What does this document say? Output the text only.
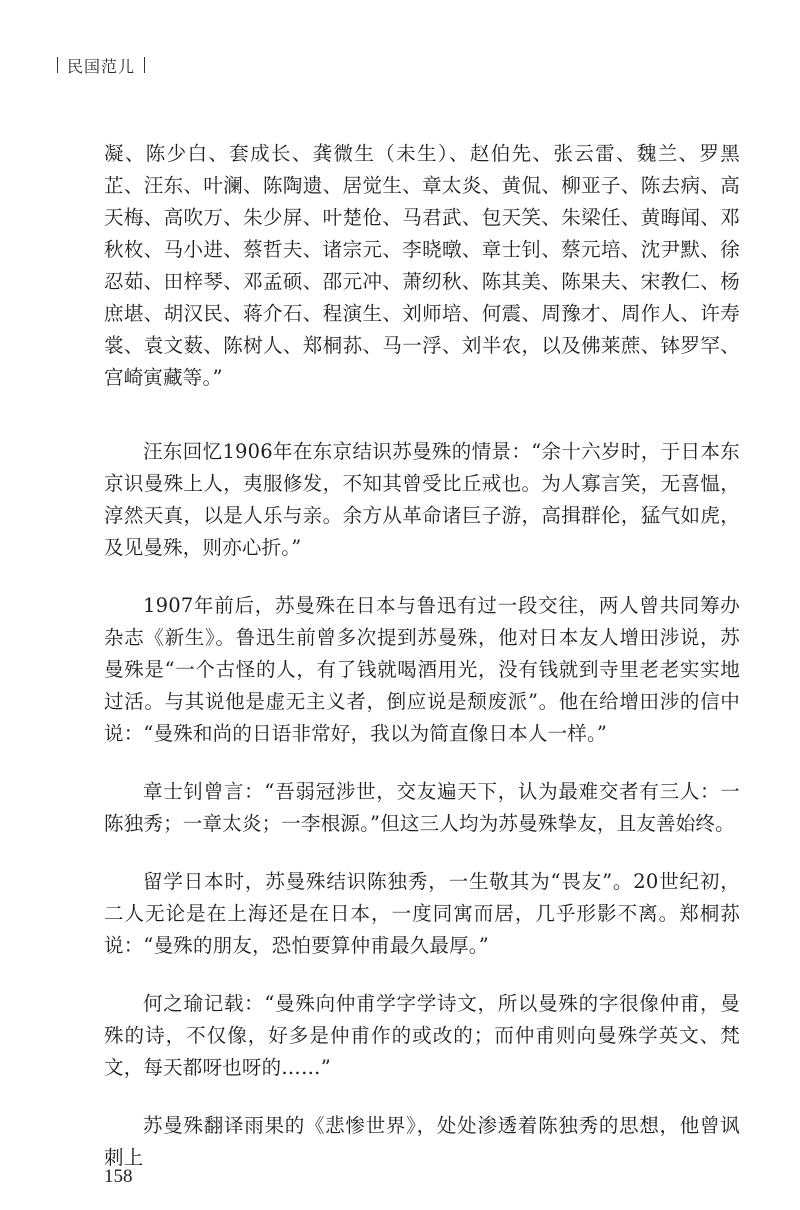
民国范儿

凝、陈少白、套成长、龚微生（未生）、赵伯先、张云雷、魏兰、罗黑芷、汪东、叶澜、陈陶遗、居觉生、章太炎、黄侃、柳亚子、陈去病、高天梅、高吹万、朱少屏、叶楚伧、马君武、包天笑、朱梁任、黄晦闻、邓秋枚、马小进、蔡哲夫、诸宗元、李晓暾、章士钊、蔡元培、沈尹默、徐忍茹、田梓琴、邓孟硕、邵元冲、萧纫秋、陈其美、陈果夫、宋教仁、杨庶堪、胡汉民、蒋介石、程演生、刘师培、何震、周豫才、周作人、许寿裳、袁文薮、陈树人、郑桐荪、马一浮、刘半农，以及佛莱蔗、钵罗罕、宫崎寅藏等。”

汪东回忆1906年在东京结识苏曼殊的情景：“余十六岁时，于日本东京识曼殊上人，夷服修发，不知其曾受比丘戒也。为人寡言笑，无喜愠，淳然天真，以是人乐与亲。余方从革命诸巨子游，高揖群伦，猛气如虎，及见曼殊，则亦心折。”

1907年前后，苏曼殊在日本与鲁迅有过一段交往，两人曾共同筹办杂志《新生》。鲁迅生前曾多次提到苏曼殊，他对日本友人增田涉说，苏曼殊是“一个古怪的人，有了钱就喝酒用光，没有钱就到寺里老老实实地过活。与其说他是虚无主义者，倒应说是颓废派”。他在给增田涉的信中说：“曼殊和尚的日语非常好，我以为简直像日本人一样。”

章士钊曾言：“吾弱冠涉世，交友遍天下，认为最难交者有三人：一陈独秀；一章太炎；一李根源。”但这三人均为苏曼殊挚友，且友善始终。

留学日本时，苏曼殊结识陈独秀，一生敬其为“畏友”。20世纪初，二人无论是在上海还是在日本，一度同寓而居，几乎形影不离。郑桐荪说：“曼殊的朋友，恐怕要算仲甫最久最厚。”

何之瑜记载：“曼殊向仲甫学字学诗文，所以曼殊的字很像仲甫，曼殊的诗，不仅像，好多是仲甫作的或改的；而仲甫则向曼殊学英文、梵文，每天都呀也呀的……”

苏曼殊翻译雨果的《悲惨世界》，处处渗透着陈独秀的思想，他曾讽刺上

158
